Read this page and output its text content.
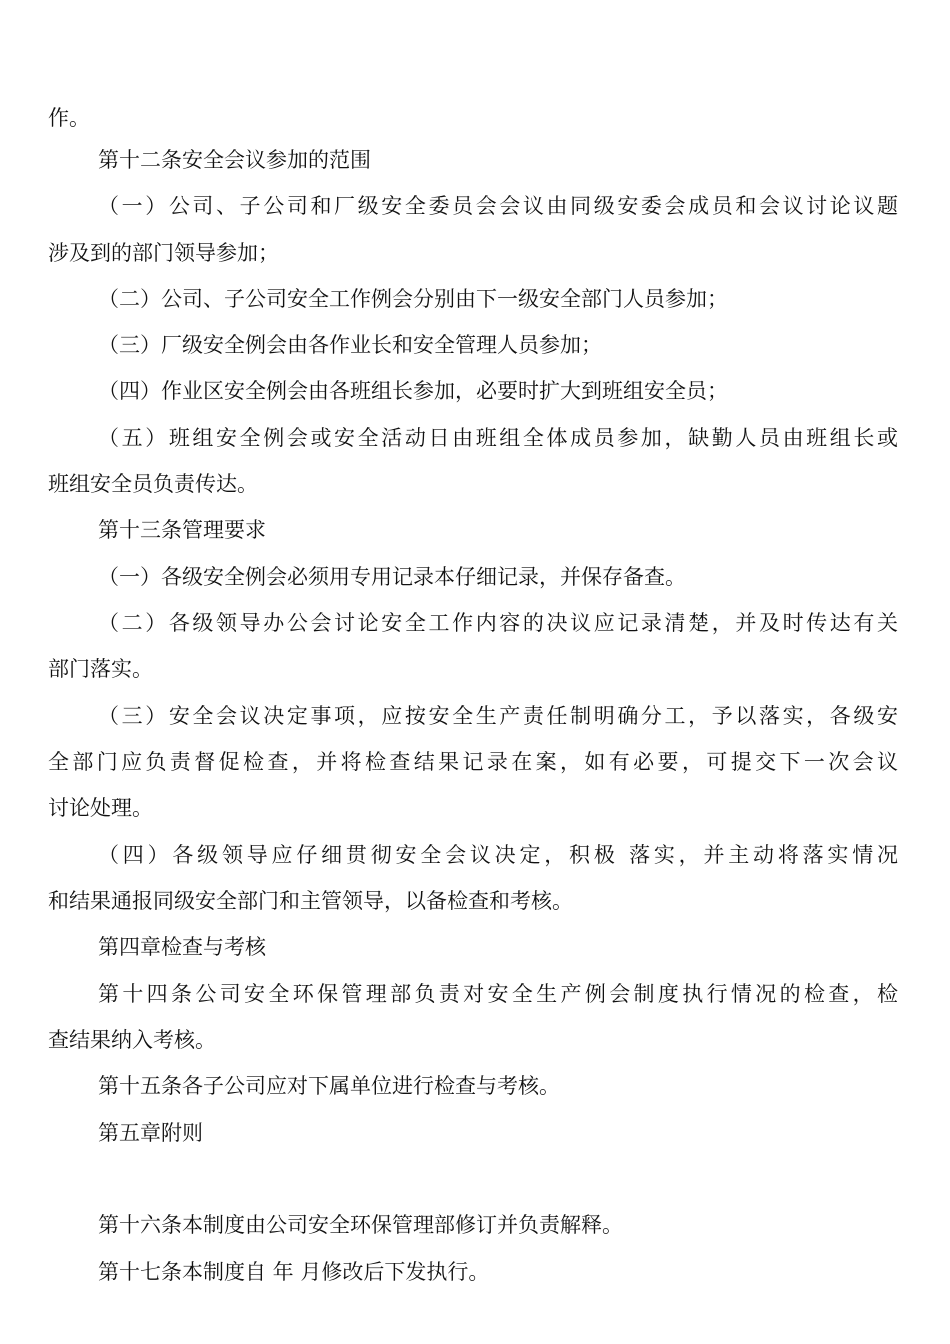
作。
第十二条安全会议参加的范围
（一）公司、子公司和厂级安全委员会会议由同级安委会成员和会议讨论议题
涉及到的部门领导参加；
（二）公司、子公司安全工作例会分别由下一级安全部门人员参加；
（三）厂级安全例会由各作业长和安全管理人员参加；
（四）作业区安全例会由各班组长参加，必要时扩大到班组安全员；
（五）班组安全例会或安全活动日由班组全体成员参加，缺勤人员由班组长或
班组安全员负责传达。
第十三条管理要求
（一）各级安全例会必须用专用记录本仔细记录，并保存备查。
（二）各级领导办公会讨论安全工作内容的决议应记录清楚，并及时传达有关
部门落实。
（三）安全会议决定事项，应按安全生产责任制明确分工，予以落实，各级安
全部门应负责督促检查，并将检查结果记录在案，如有必要，可提交下一次会议
讨论处理。
（四）各级领导应仔细贯彻安全会议决定，积极 落实，并主动将落实情况
和结果通报同级安全部门和主管领导，以备检查和考核。
第四章检查与考核
第十四条公司安全环保管理部负责对安全生产例会制度执行情况的检查，检
查结果纳入考核。
第十五条各子公司应对下属单位进行检查与考核。
第五章附则
第十六条本制度由公司安全环保管理部修订并负责解释。
第十七条本制度自 年 月修改后下发执行。
